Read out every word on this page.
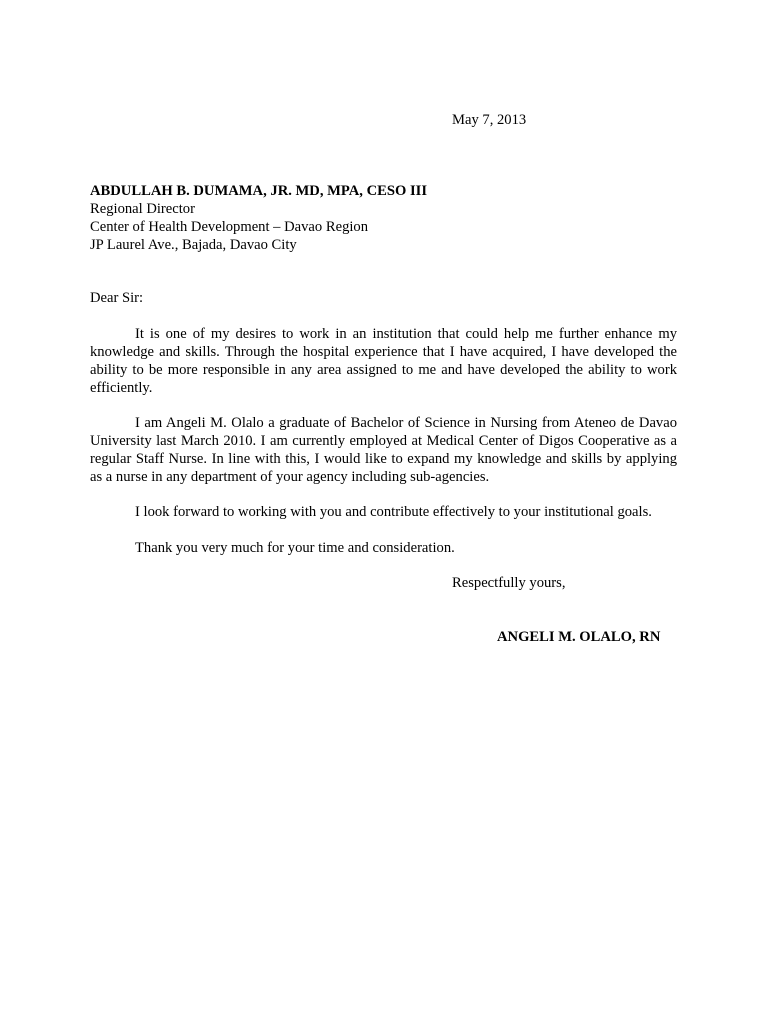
May 7, 2013
ABDULLAH B. DUMAMA, JR. MD, MPA, CESO III
Regional Director
Center of Health Development – Davao Region
JP Laurel Ave., Bajada, Davao City
Dear Sir:

It is one of my desires to work in an institution that could help me further enhance my knowledge and skills. Through the hospital experience that I have acquired, I have developed the ability to be more responsible in any area assigned to me and have developed the ability to work efficiently.

I am Angeli M. Olalo a graduate of Bachelor of Science in Nursing from Ateneo de Davao University last March 2010. I am currently employed at Medical Center of Digos Cooperative as a regular Staff Nurse. In line with this, I would like to expand my knowledge and skills by applying as a nurse in any department of your agency including sub-agencies.

I look forward to working with you and contribute effectively to your institutional goals.

Thank you very much for your time and consideration.

Respectfully yours,
ANGELI M. OLALO, RN
